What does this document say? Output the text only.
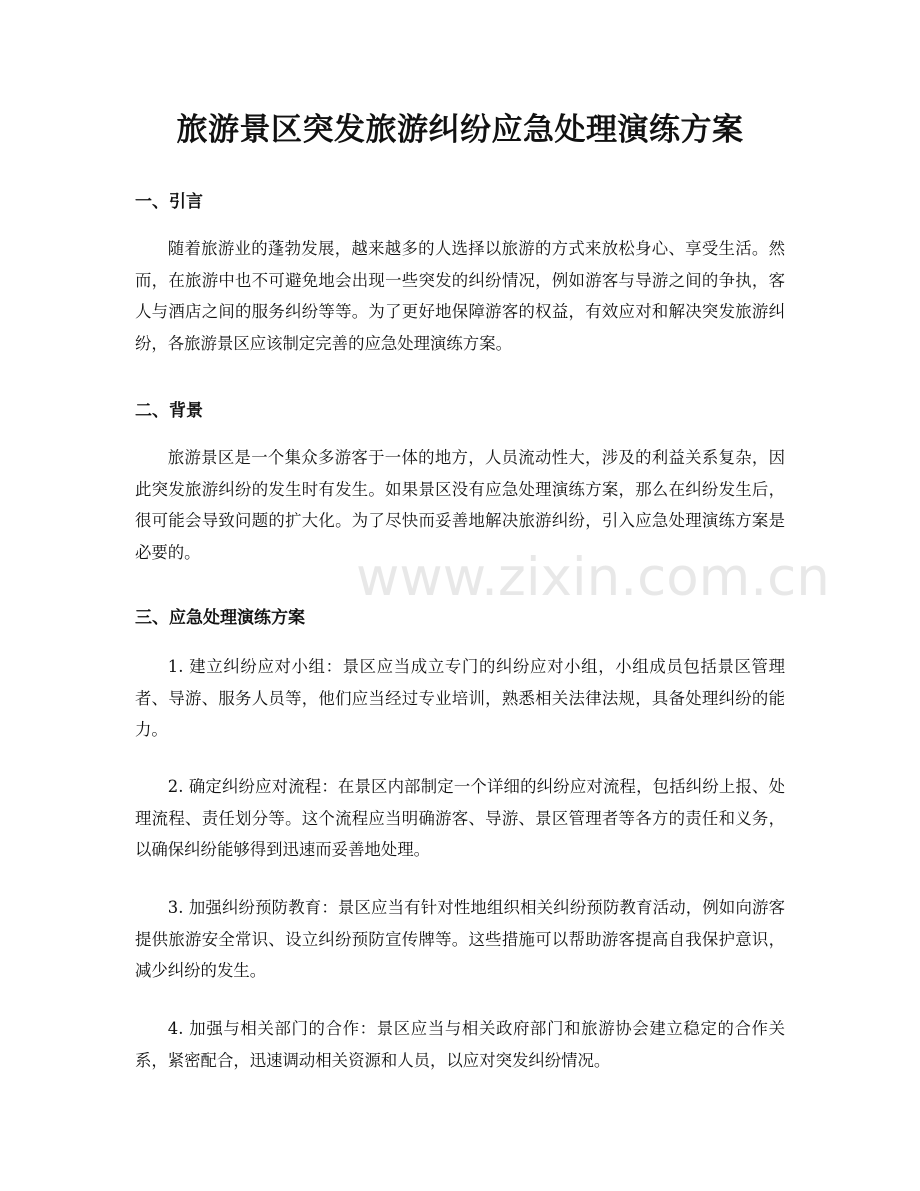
旅游景区突发旅游纠纷应急处理演练方案
一、引言

随着旅游业的蓬勃发展，越来越多的人选择以旅游的方式来放松身心、享受生活。然而，在旅游中也不可避免地会出现一些突发的纠纷情况，例如游客与导游之间的争执，客人与酒店之间的服务纠纷等等。为了更好地保障游客的权益，有效应对和解决突发旅游纠纷，各旅游景区应该制定完善的应急处理演练方案。

二、背景

旅游景区是一个集众多游客于一体的地方，人员流动性大，涉及的利益关系复杂，因此突发旅游纠纷的发生时有发生。如果景区没有应急处理演练方案，那么在纠纷发生后，很可能会导致问题的扩大化。为了尽快而妥善地解决旅游纠纷，引入应急处理演练方案是必要的。

三、应急处理演练方案

1. 建立纠纷应对小组：景区应当成立专门的纠纷应对小组，小组成员包括景区管理者、导游、服务人员等，他们应当经过专业培训，熟悉相关法律法规，具备处理纠纷的能力。

2. 确定纠纷应对流程：在景区内部制定一个详细的纠纷应对流程，包括纠纷上报、处理流程、责任划分等。这个流程应当明确游客、导游、景区管理者等各方的责任和义务，以确保纠纷能够得到迅速而妥善地处理。

3. 加强纠纷预防教育：景区应当有针对性地组织相关纠纷预防教育活动，例如向游客提供旅游安全常识、设立纠纷预防宣传牌等。这些措施可以帮助游客提高自我保护意识，减少纠纷的发生。

4. 加强与相关部门的合作：景区应当与相关政府部门和旅游协会建立稳定的合作关系，紧密配合，迅速调动相关资源和人员，以应对突发纠纷情况。

www.zixin.com.cn
